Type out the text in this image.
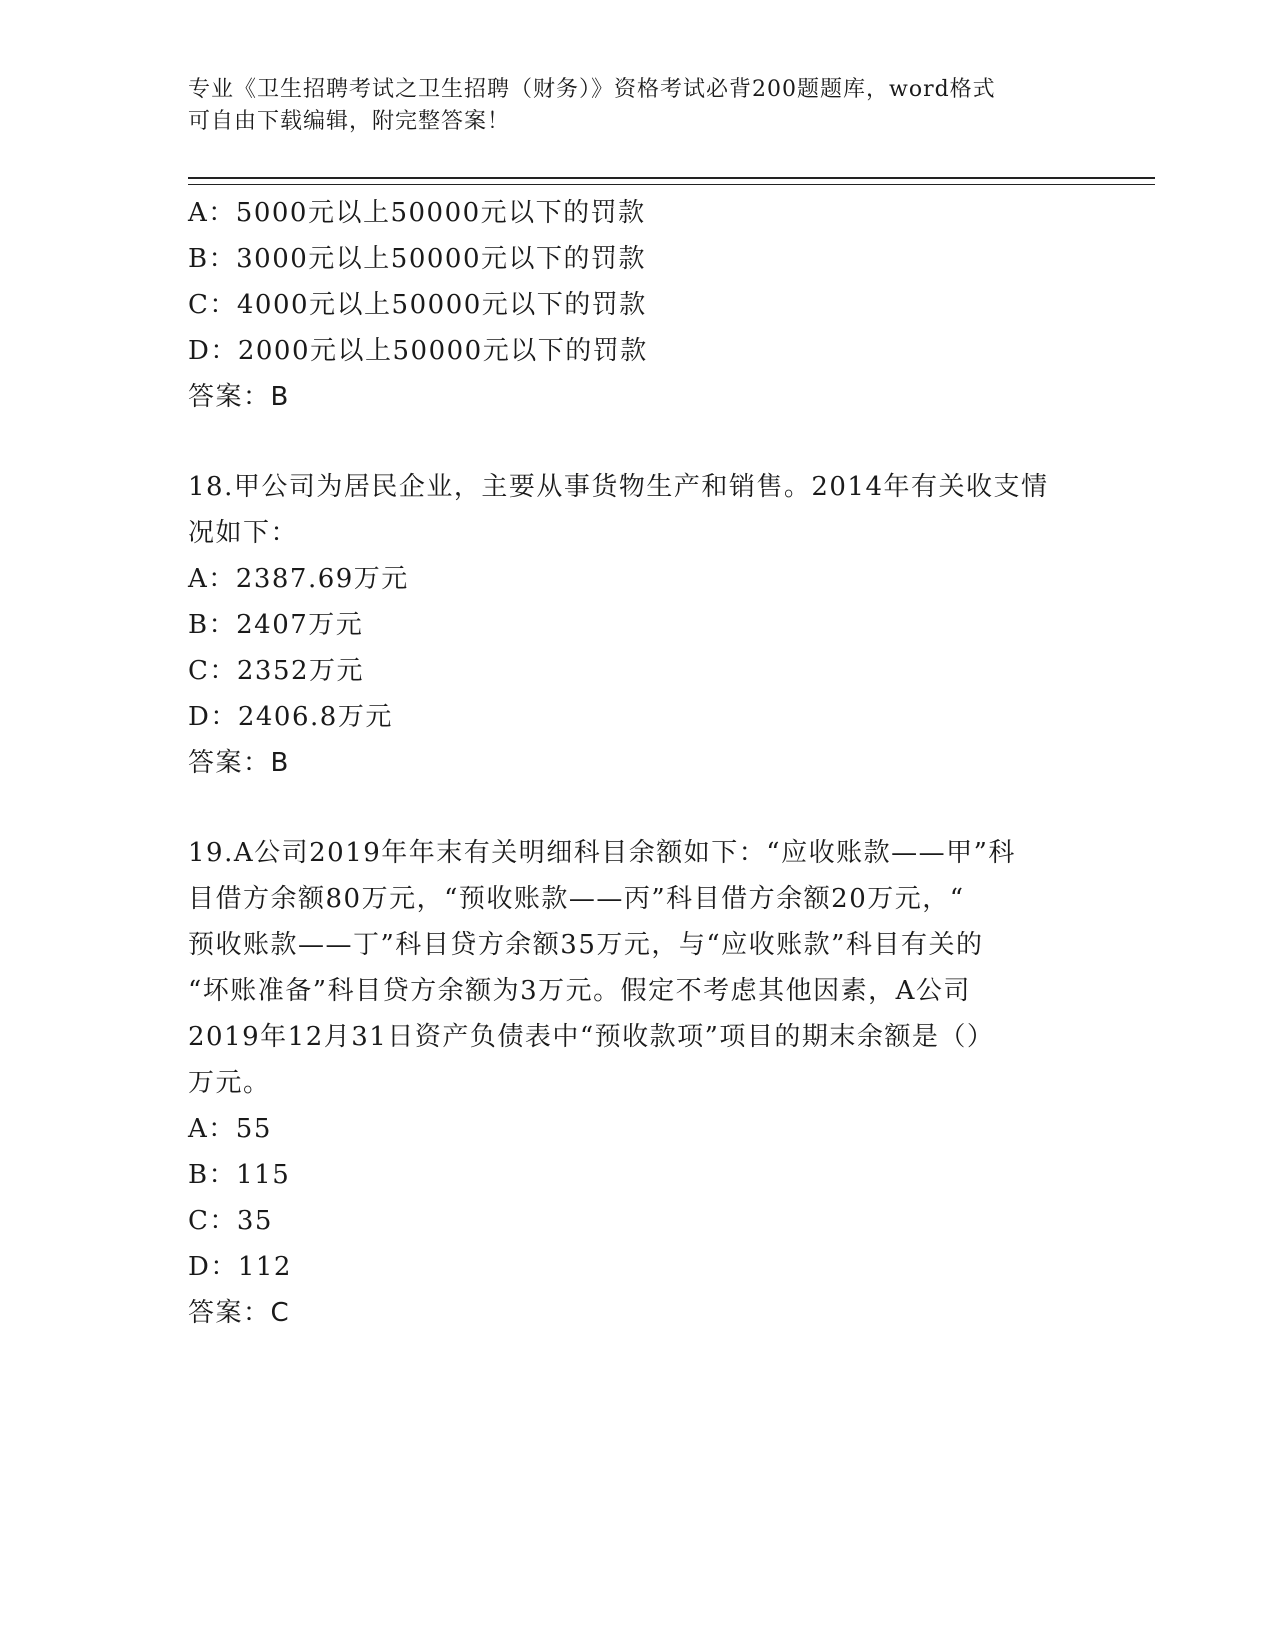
专业《卫生招聘考试之卫生招聘（财务）》资格考试必背200题题库，word格式
可自由下载编辑，附完整答案！
A：5000元以上50000元以下的罚款
B：3000元以上50000元以下的罚款
C：4000元以上50000元以下的罚款
D：2000元以上50000元以下的罚款
答案：B
18.甲公司为居民企业，主要从事货物生产和销售。2014年有关收支情
况如下：
A：2387.69万元
B：2407万元
C：2352万元
D：2406.8万元
答案：B
19.A公司2019年年末有关明细科目余额如下：“应收账款——甲”科
目借方余额80万元，“预收账款——丙”科目借方余额20万元，“
预收账款——丁”科目贷方余额35万元，与“应收账款”科目有关的
“坏账准备”科目贷方余额为3万元。假定不考虑其他因素，A公司
2019年12月31日资产负债表中“预收款项”项目的期末余额是（）
万元。
A：55
B：115
C：35
D：112
答案：C
